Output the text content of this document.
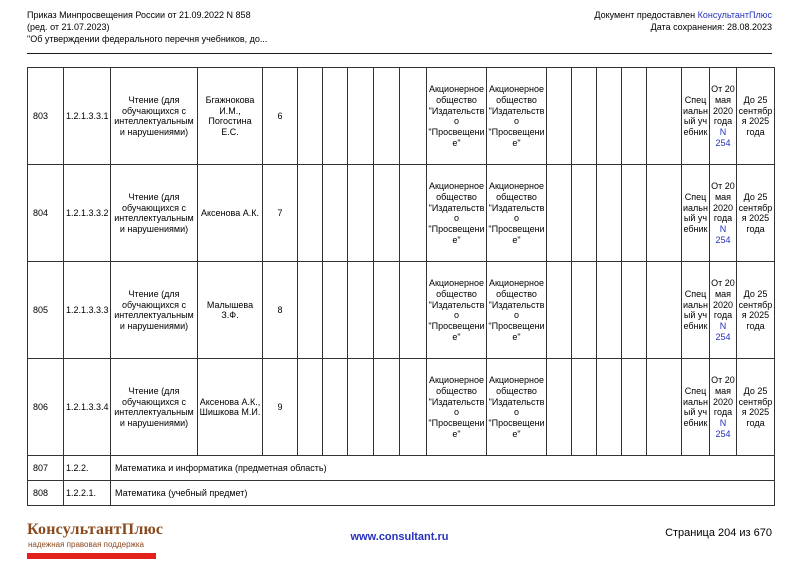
Приказ Минпросвещения России от 21.09.2022 N 858
(ред. от 21.07.2023)
"Об утверждении федерального перечня учебников, до...
Документ предоставлен КонсультантПлюс
Дата сохранения: 28.08.2023
803	1.2.1.3.3.1	Чтение (для обучающихся с интеллектуальными нарушениями)	Бгажнокова И.М., Погостина Е.С.	6						Акционерное общество "Издательство "Просвещение"	Акционерное общество "Издательство "Просвещение"						Специальный учебник	От 20 мая 2020 года N 254	До 25 сентября 2025 года
804	1.2.1.3.3.2	Чтение (для обучающихся с интеллектуальными нарушениями)	Аксенова А.К.	7						Акционерное общество "Издательство "Просвещение"	Акционерное общество "Издательство "Просвещение"						Специальный учебник	От 20 мая 2020 года N 254	До 25 сентября 2025 года
805	1.2.1.3.3.3	Чтение (для обучающихся с интеллектуальными нарушениями)	Малышева З.Ф.	8						Акционерное общество "Издательство "Просвещение"	Акционерное общество "Издательство "Просвещение"						Специальный учебник	От 20 мая 2020 года N 254	До 25 сентября 2025 года
806	1.2.1.3.3.4	Чтение (для обучающихся с интеллектуальными нарушениями)	Аксенова А.К., Шишкова М.И.	9						Акционерное общество "Издательство "Просвещение"	Акционерное общество "Издательство "Просвещение"						Специальный учебник	От 20 мая 2020 года N 254	До 25 сентября 2025 года
807	1.2.2.	Математика и информатика (предметная область)																	
808	1.2.2.1.	Математика (учебный предмет)																	
КонсультантПлюс
надежная правовая поддержка
www.consultant.ru	Страница 204 из 670
